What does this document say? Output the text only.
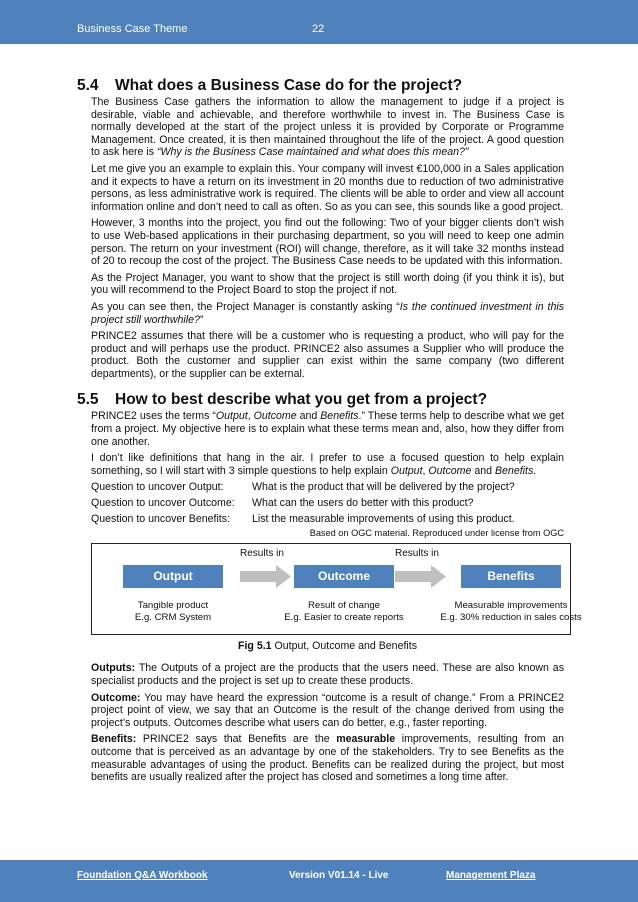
Business Case Theme	22
5.4 What does a Business Case do for the project?

The Business Case gathers the information to allow the management to judge if a project is desirable, viable and achievable, and therefore worthwhile to invest in. The Business Case is normally developed at the start of the project unless it is provided by Corporate or Programme Management. Once created, it is then maintained throughout the life of the project. A good question to ask here is “Why is the Business Case maintained and what does this mean?”

Let me give you an example to explain this. Your company will invest €100,000 in a Sales application and it expects to have a return on its investment in 20 months due to reduction of two administrative persons, as less administrative work is required. The clients will be able to order and view all account information online and don’t need to call as often. So as you can see, this sounds like a good project.

However, 3 months into the project, you find out the following: Two of your bigger clients don’t wish to use Web-based applications in their purchasing department, so you will need to keep one admin person. The return on your investment (ROI) will change, therefore, as it will take 32 months instead of 20 to recoup the cost of the project. The Business Case needs to be updated with this information.

As the Project Manager, you want to show that the project is still worth doing (if you think it is), but you will recommend to the Project Board to stop the project if not.

As you can see then, the Project Manager is constantly asking “Is the continued investment in this project still worthwhile?”

PRINCE2 assumes that there will be a customer who is requesting a product, who will pay for the product and will perhaps use the product. PRINCE2 also assumes a Supplier who will produce the product. Both the customer and supplier can exist within the same company (two different departments), or the supplier can be external.

5.5 How to best describe what you get from a project?

PRINCE2 uses the terms “Output, Outcome and Benefits.” These terms help to describe what we get from a project. My objective here is to explain what these terms mean and, also, how they differ from one another.

I don’t like definitions that hang in the air. I prefer to use a focused question to help explain something, so I will start with 3 simple questions to help explain Output, Outcome and Benefits.

Question to uncover Output:	What is the product that will be delivered by the project?
Question to uncover Outcome:	What can the users do better with this product?
Question to uncover Benefits:	List the measurable improvements of using this product.
Based on OGC material. Reproduced under license from OGC
Output
Results in
Outcome
Results in
Benefits
Tangible product
E.g. CRM System
Result of change
E.g. Easier to create reports
Measurable improvements
E.g. 30% reduction in sales costs
Fig 5.1 Output, Outcome and Benefits

Outputs: The Outputs of a project are the products that the users need. These are also known as specialist products and the project is set up to create these products.

Outcome: You may have heard the expression “outcome is a result of change.” From a PRINCE2 project point of view, we say that an Outcome is the result of the change derived from using the project’s outputs. Outcomes describe what users can do better, e.g., faster reporting.

Benefits: PRINCE2 says that Benefits are the measurable improvements, resulting from an outcome that is perceived as an advantage by one of the stakeholders. Try to see Benefits as the measurable advantages of using the product. Benefits can be realized during the project, but most benefits are usually realized after the project has closed and sometimes a long time after.

Foundation Q&A Workbook	Version V01.14 - Live	Management Plaza
